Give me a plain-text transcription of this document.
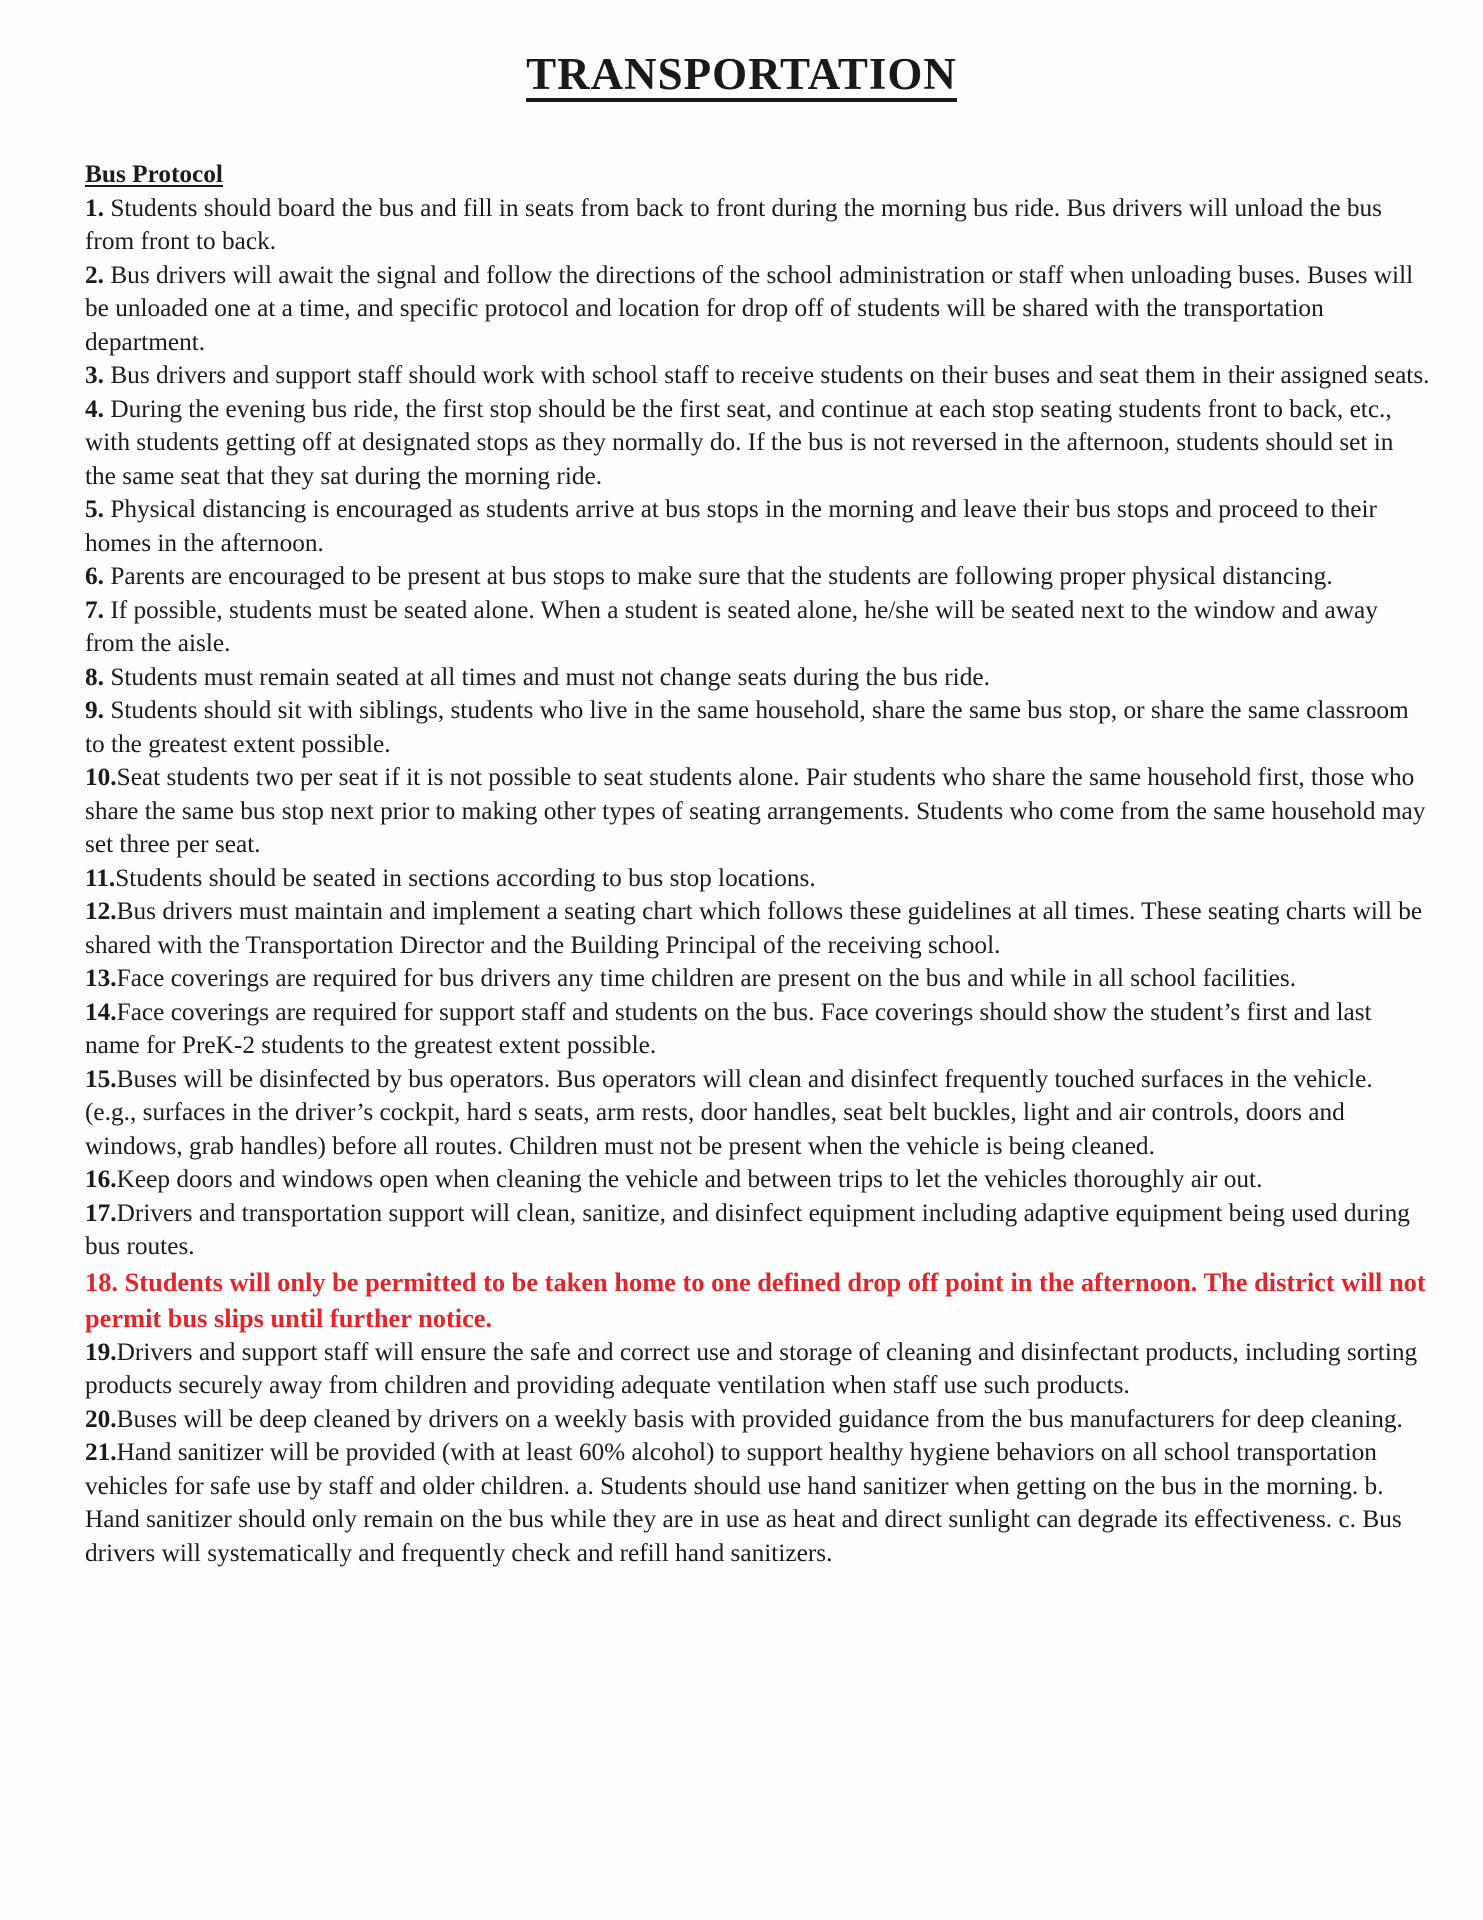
TRANSPORTATION
Bus Protocol
1. Students should board the bus and fill in seats from back to front during the morning bus ride. Bus drivers will unload the bus from front to back.
2. Bus drivers will await the signal and follow the directions of the school administration or staff when unloading buses. Buses will be unloaded one at a time, and specific protocol and location for drop off of students will be shared with the transportation department.
3. Bus drivers and support staff should work with school staff to receive students on their buses and seat them in their assigned seats.
4. During the evening bus ride, the first stop should be the first seat, and continue at each stop seating students front to back, etc., with students getting off at designated stops as they normally do. If the bus is not reversed in the afternoon, students should set in the same seat that they sat during the morning ride.
5. Physical distancing is encouraged as students arrive at bus stops in the morning and leave their bus stops and proceed to their homes in the afternoon.
6. Parents are encouraged to be present at bus stops to make sure that the students are following proper physical distancing.
7. If possible, students must be seated alone. When a student is seated alone, he/she will be seated next to the window and away from the aisle.
8. Students must remain seated at all times and must not change seats during the bus ride.
9. Students should sit with siblings, students who live in the same household, share the same bus stop, or share the same classroom to the greatest extent possible.
10.Seat students two per seat if it is not possible to seat students alone. Pair students who share the same household first, those who share the same bus stop next prior to making other types of seating arrangements. Students who come from the same household may set three per seat.
11.Students should be seated in sections according to bus stop locations.
12.Bus drivers must maintain and implement a seating chart which follows these guidelines at all times. These seating charts will be shared with the Transportation Director and the Building Principal of the receiving school.
13.Face coverings are required for bus drivers any time children are present on the bus and while in all school facilities.
14.Face coverings are required for support staff and students on the bus. Face coverings should show the student’s first and last name for PreK-2 students to the greatest extent possible.
15.Buses will be disinfected by bus operators. Bus operators will clean and disinfect frequently touched surfaces in the vehicle. (e.g., surfaces in the driver’s cockpit, hard s seats, arm rests, door handles, seat belt buckles, light and air controls, doors and windows, grab handles) before all routes. Children must not be present when the vehicle is being cleaned.
16.Keep doors and windows open when cleaning the vehicle and between trips to let the vehicles thoroughly air out.
17.Drivers and transportation support will clean, sanitize, and disinfect equipment including adaptive equipment being used during bus routes.
18. Students will only be permitted to be taken home to one defined drop off point in the afternoon. The district will not permit bus slips until further notice.
19.Drivers and support staff will ensure the safe and correct use and storage of cleaning and disinfectant products, including sorting products securely away from children and providing adequate ventilation when staff use such products.
20.Buses will be deep cleaned by drivers on a weekly basis with provided guidance from the bus manufacturers for deep cleaning.
21.Hand sanitizer will be provided (with at least 60% alcohol) to support healthy hygiene behaviors on all school transportation vehicles for safe use by staff and older children. a. Students should use hand sanitizer when getting on the bus in the morning. b. Hand sanitizer should only remain on the bus while they are in use as heat and direct sunlight can degrade its effectiveness. c. Bus drivers will systematically and frequently check and refill hand sanitizers.
